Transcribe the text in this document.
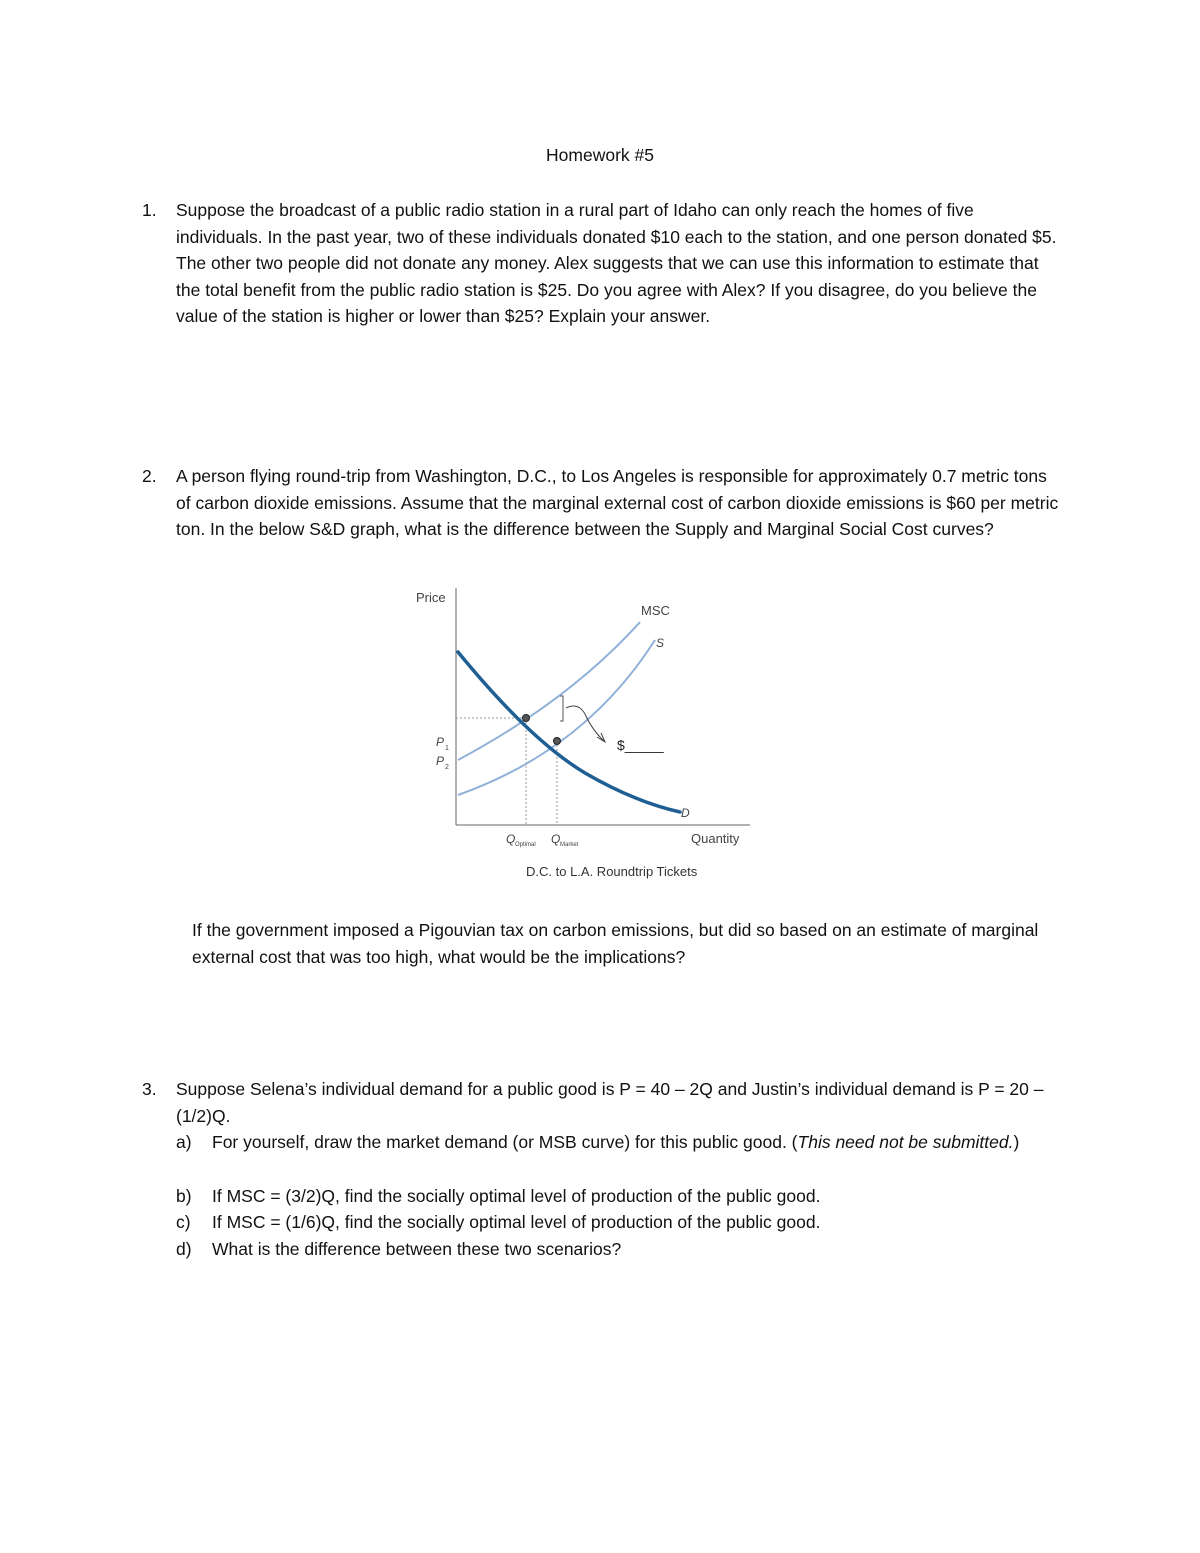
Homework #5
1. Suppose the broadcast of a public radio station in a rural part of Idaho can only reach the homes of five individuals. In the past year, two of these individuals donated $10 each to the station, and one person donated $5. The other two people did not donate any money. Alex suggests that we can use this information to estimate that the total benefit from the public radio station is $25. Do you agree with Alex? If you disagree, do you believe the value of the station is higher or lower than $25? Explain your answer.
2. A person flying round-trip from Washington, D.C., to Los Angeles is responsible for approximately 0.7 metric tons of carbon dioxide emissions. Assume that the marginal external cost of carbon dioxide emissions is $60 per metric ton. In the below S&D graph, what is the difference between the Supply and Marginal Social Cost curves?
Price
Quantity
MSC
S
D
$_____
P 1
P 2
Q Optimal Q Market
D.C. to L.A. Roundtrip Tickets
If the government imposed a Pigouvian tax on carbon emissions, but did so based on an estimate of marginal external cost that was too high, what would be the implications?
3. Suppose Selena’s individual demand for a public good is P = 40 – 2Q and Justin’s individual demand is P = 20 – (1/2)Q.
a) For yourself, draw the market demand (or MSB curve) for this public good. (This need not be submitted.)
b) If MSC = (3/2)Q, find the socially optimal level of production of the public good.
c) If MSC = (1/6)Q, find the socially optimal level of production of the public good.
d) What is the difference between these two scenarios?
